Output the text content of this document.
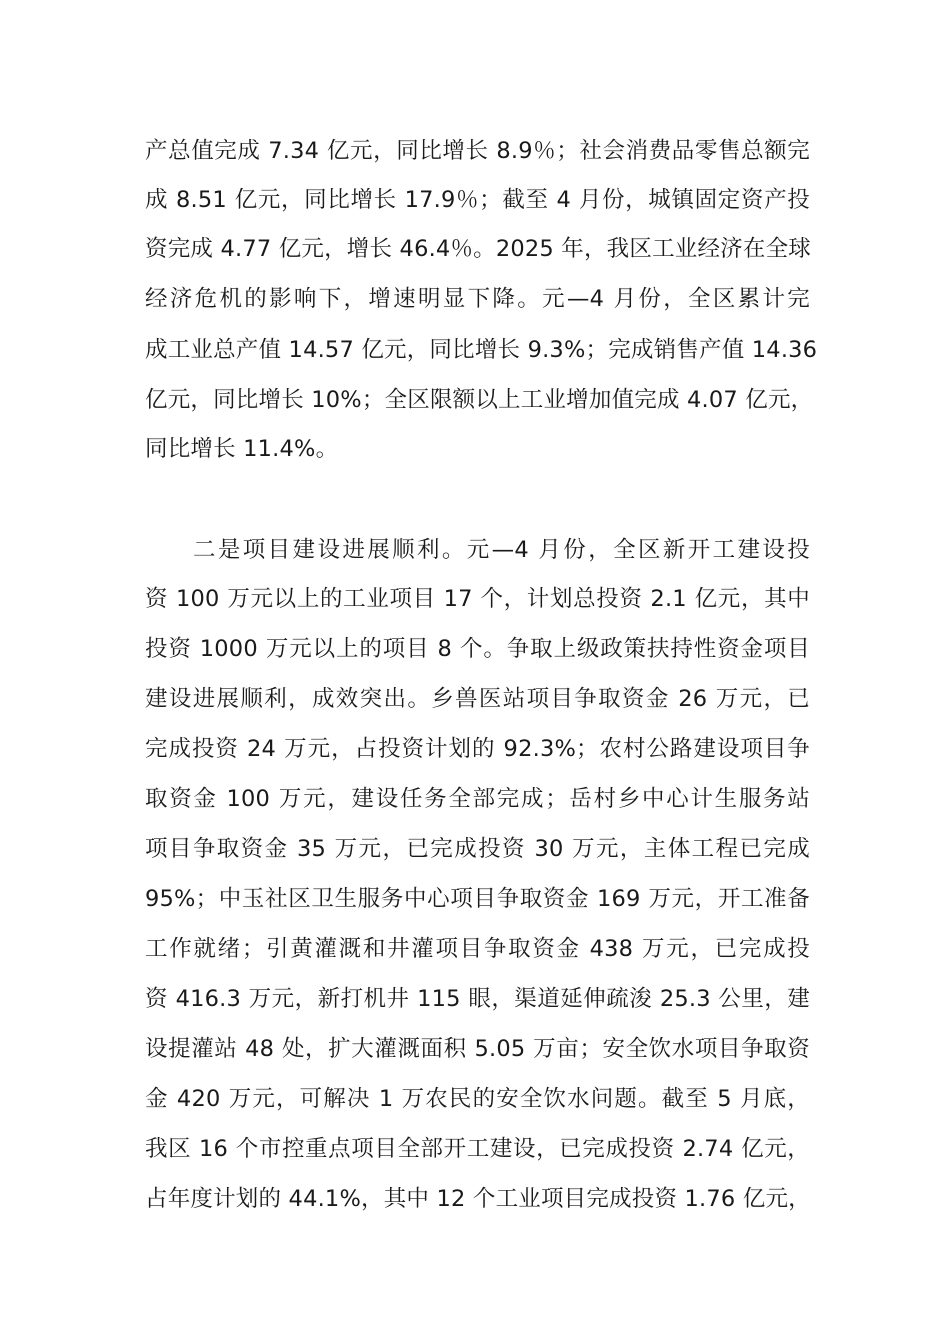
产总值完成 7.34 亿元，同比增长 8.9％；社会消费品零售总额完
成 8.51 亿元，同比增长 17.9％；截至 4 月份，城镇固定资产投
资完成 4.77 亿元，增长 46.4％。2025 年，我区工业经济在全球
经济危机的影响下，增速明显下降。元—4 月份，全区累计完
成工业总产值 14.57 亿元，同比增长 9.3%；完成销售产值 14.36
亿元，同比增长 10%；全区限额以上工业增加值完成 4.07 亿元，
同比增长 11.4%。
二是项目建设进展顺利。元—4 月份，全区新开工建设投
资 100 万元以上的工业项目 17 个，计划总投资 2.1 亿元，其中
投资 1000 万元以上的项目 8 个。争取上级政策扶持性资金项目
建设进展顺利，成效突出。乡兽医站项目争取资金 26 万元，已
完成投资 24 万元，占投资计划的 92.3%；农村公路建设项目争
取资金 100 万元，建设任务全部完成；岳村乡中心计生服务站
项目争取资金 35 万元，已完成投资 30 万元，主体工程已完成
95%；中玉社区卫生服务中心项目争取资金 169 万元，开工准备
工作就绪；引黄灌溉和井灌项目争取资金 438 万元，已完成投
资 416.3 万元，新打机井 115 眼，渠道延伸疏浚 25.3 公里，建
设提灌站 48 处，扩大灌溉面积 5.05 万亩；安全饮水项目争取资
金 420 万元，可解决 1 万农民的安全饮水问题。截至 5 月底，
我区 16 个市控重点项目全部开工建设，已完成投资 2.74 亿元，
占年度计划的 44.1%，其中 12 个工业项目完成投资 1.76 亿元，
